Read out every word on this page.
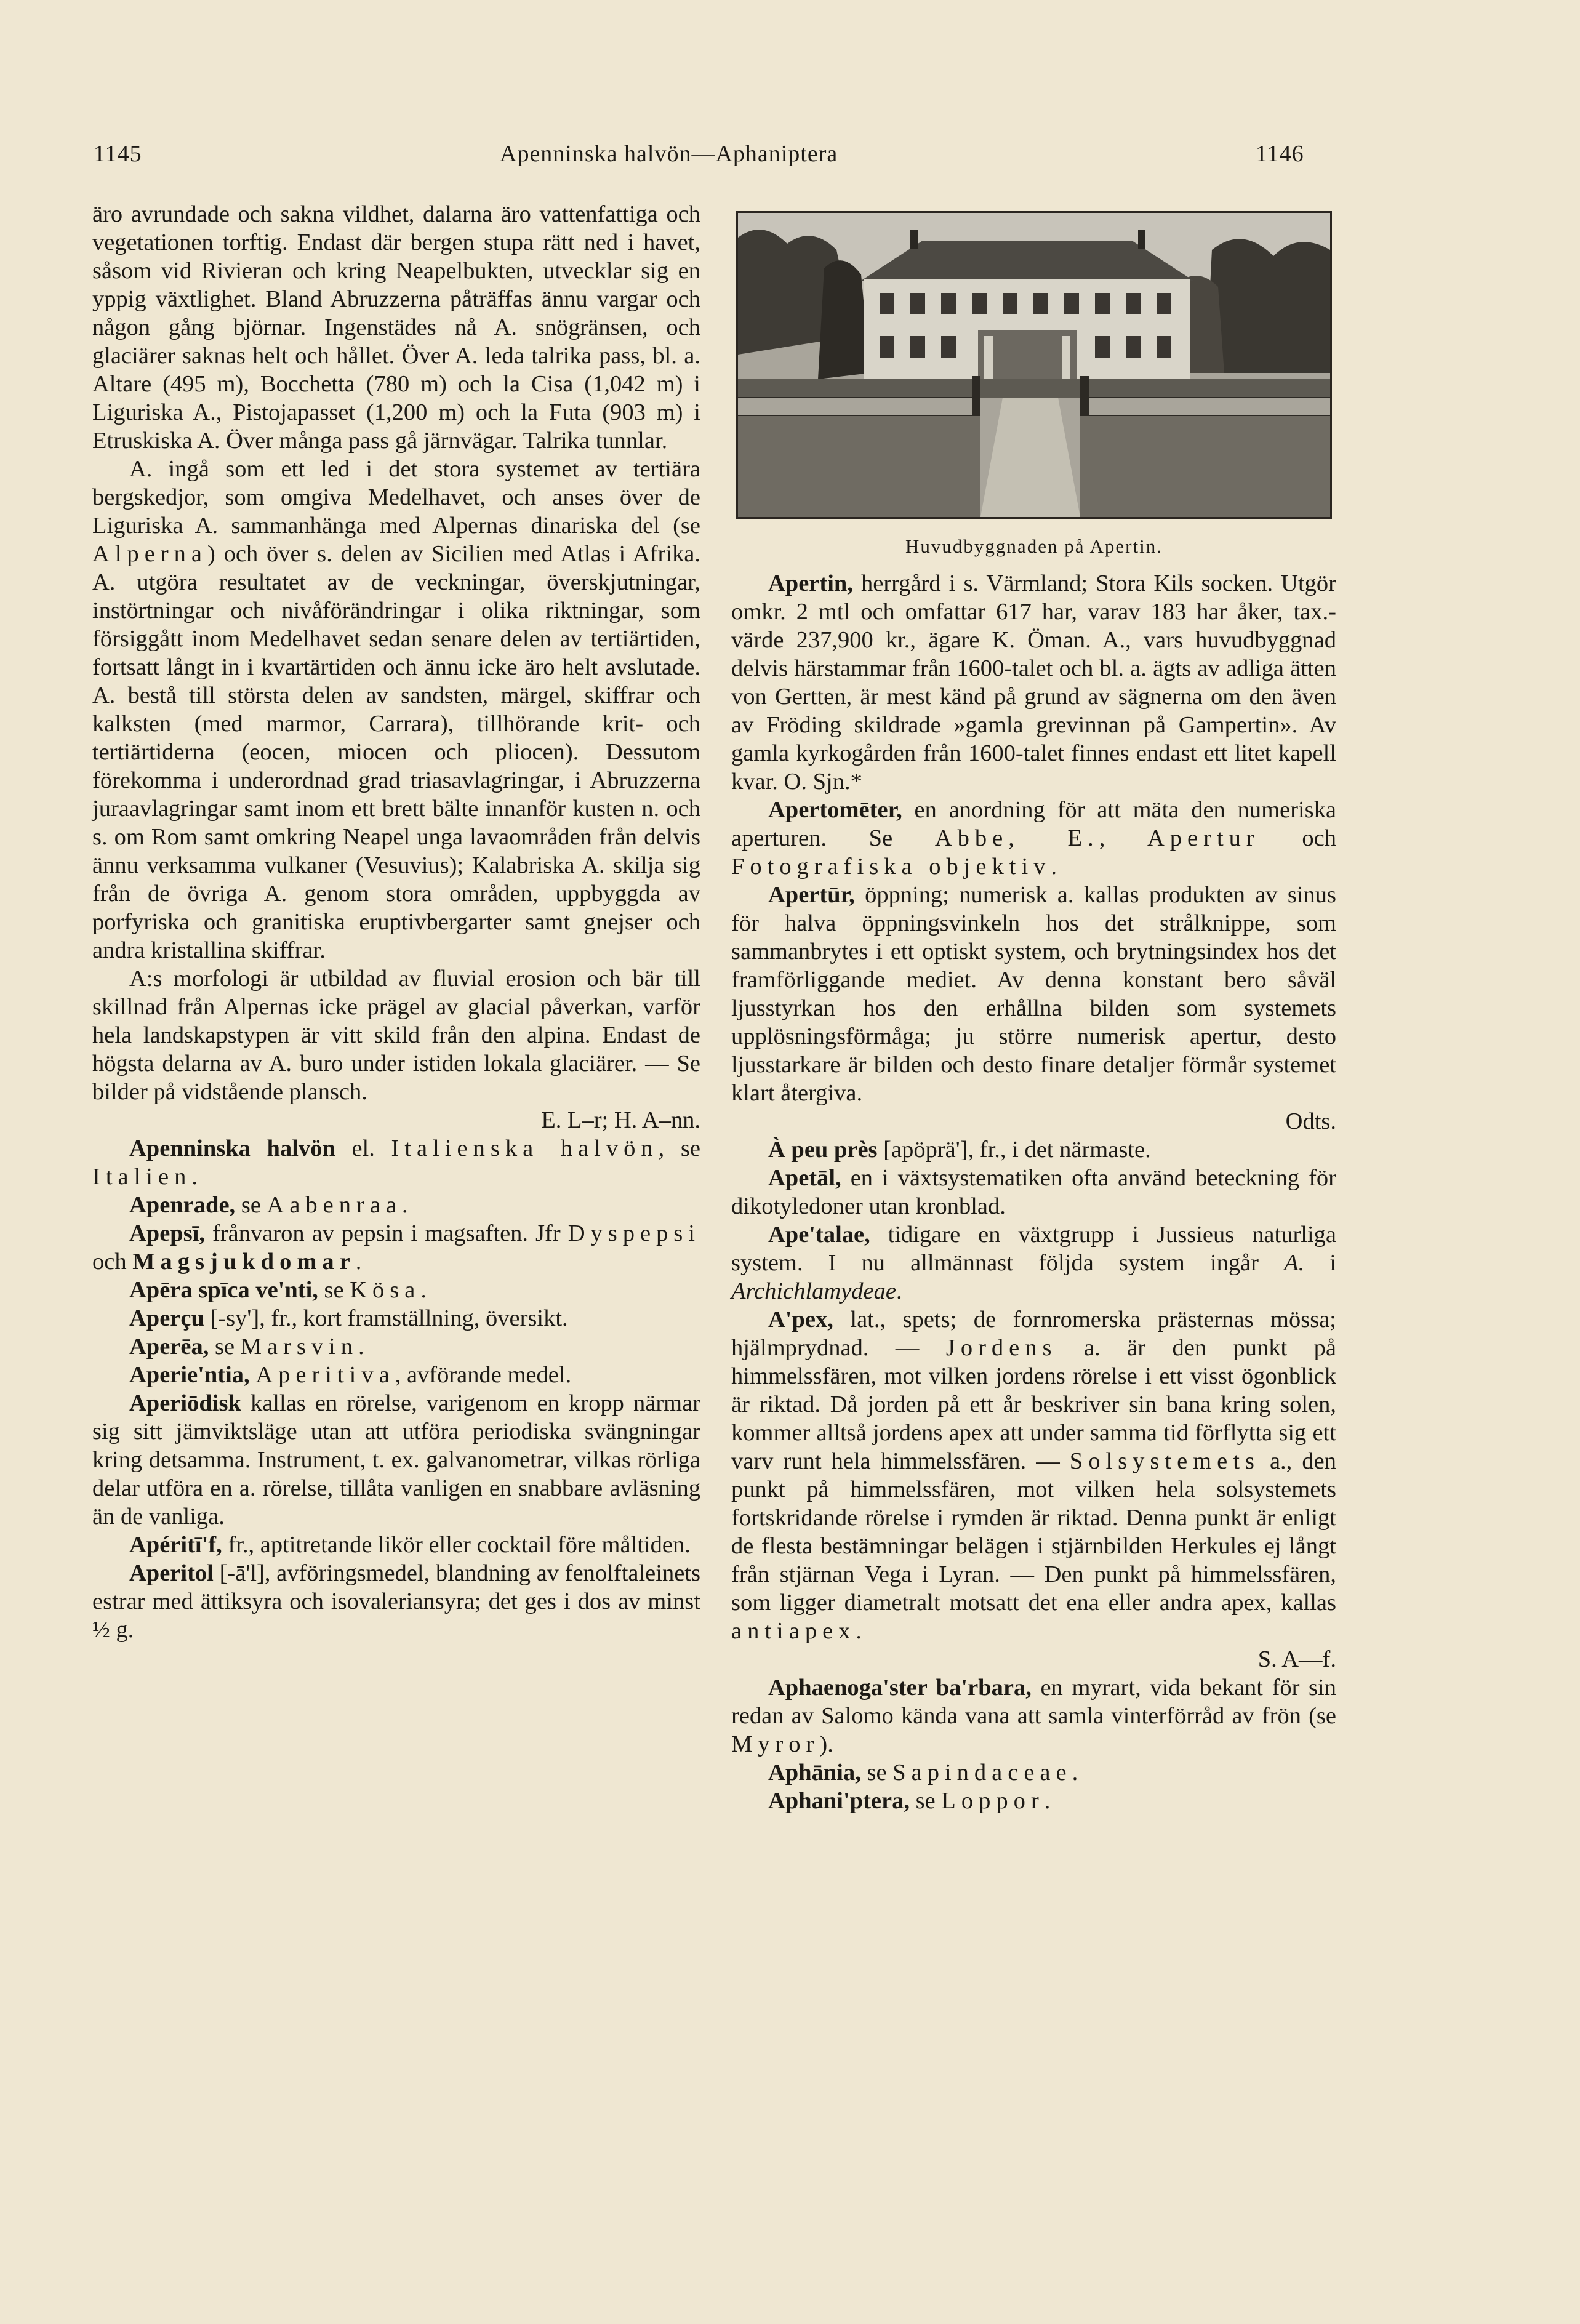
1145	Apenninska halvön—Aphaniptera	1146

äro avrundade och sakna vildhet, dalarna äro vattenfattiga och vegetationen torftig. Endast där bergen stupa rätt ned i havet, såsom vid Rivieran och kring Neapelbukten, utvecklar sig en yppig växtlighet. Bland Abruzzerna påträffas ännu vargar och någon gång björnar. Ingenstädes nå A. snögränsen, och glaciärer saknas helt och hållet. Över A. leda talrika pass, bl. a. Altare (495 m), Bocchetta (780 m) och la Cisa (1,042 m) i Liguriska A., Pistojapasset (1,200 m) och la Futa (903 m) i Etruskiska A. Över många pass gå järnvägar. Talrika tunnlar.

A. ingå som ett led i det stora systemet av tertiära bergskedjor, som omgiva Medelhavet, och anses över de Liguriska A. sammanhänga med Alpernas dinariska del (se Alperna) och över s. delen av Sicilien med Atlas i Afrika. A. utgöra resultatet av de veckningar, överskjutningar, instörtningar och nivåförändringar i olika riktningar, som försiggått inom Medelhavet sedan senare delen av tertiärtiden, fortsatt långt in i kvartärtiden och ännu icke äro helt avslutade. A. bestå till största delen av sandsten, märgel, skiffrar och kalksten (med marmor, Carrara), tillhörande krit- och tertiärtiderna (eocen, miocen och pliocen). Dessutom förekomma i underordnad grad triasavlagringar, i Abruzzerna juraavlagringar samt inom ett brett bälte innanför kusten n. och s. om Rom samt omkring Neapel unga lavaområden från delvis ännu verksamma vulkaner (Vesuvius); Kalabriska A. skilja sig från de övriga A. genom stora områden, uppbyggda av porfyriska och granitiska eruptivbergarter samt gnejser och andra kristallina skiffrar.

A:s morfologi är utbildad av fluvial erosion och bär till skillnad från Alpernas icke prägel av glacial påverkan, varför hela landskapstypen är vitt skild från den alpina. Endast de högsta delarna av A. buro under istiden lokala glaciärer. — Se bilder på vidstående plansch.
E. L–r; H. A–nn.

Apenninska halvön el. Italienska halvön, se Italien.

Apenrade, se Aabenraa.

Apepsī, frånvaron av pepsin i magsaften. Jfr Dyspepsi och Magsjukdomar.

Apēra spīca ve'nti, se Kösa.

Aperçu [-sy'], fr., kort framställning, översikt.

Aperēa, se Marsvin.

Aperie'ntia, Aperitiva, avförande medel.

Aperiōdisk kallas en rörelse, varigenom en kropp närmar sig sitt jämviktsläge utan att utföra periodiska svängningar kring detsamma. Instrument, t. ex. galvanometrar, vilkas rörliga delar utföra en a. rörelse, tillåta vanligen en snabbare avläsning än de vanliga.

Apéritī'f, fr., aptitretande likör eller cocktail före måltiden.

Aperitol [-ā'l], avföringsmedel, blandning av fenolftaleinets estrar med ättiksyra och isovaleriansyra; det ges i dos av minst ½ g.

Huvudbyggnaden på Apertin.

Apertin, herrgård i s. Värmland; Stora Kils socken. Utgör omkr. 2 mtl och omfattar 617 har, varav 183 har åker, tax.-värde 237,900 kr., ägare K. Öman. A., vars huvudbyggnad delvis härstammar från 1600-talet och bl. a. ägts av adliga ätten von Gertten, är mest känd på grund av sägnerna om den även av Fröding skildrade »gamla grevinnan på Gampertin». Av gamla kyrkogården från 1600-talet finnes endast ett litet kapell kvar. O. Sjn.*

Apertomēter, en anordning för att mäta den numeriska aperturen. Se Abbe, E., Apertur och Fotografiska objektiv.

Apertūr, öppning; numerisk a. kallas produkten av sinus för halva öppningsvinkeln hos det strålknippe, som sammanbrytes i ett optiskt system, och brytningsindex hos det framförliggande mediet. Av denna konstant bero såväl ljusstyrkan hos den erhållna bilden som systemets upplösningsförmåga; ju större numerisk apertur, desto ljusstarkare är bilden och desto finare detaljer förmår systemet klart återgiva.
Odts.

À peu près [apöprä'], fr., i det närmaste.

Apetāl, en i växtsystematiken ofta använd beteckning för dikotyledoner utan kronblad.

Ape'talae, tidigare en växtgrupp i Jussieus naturliga system. I nu allmännast följda system ingår A. i Archichlamydeae.

A'pex, lat., spets; de fornromerska prästernas mössa; hjälmprydnad. — Jordens a. är den punkt på himmelssfären, mot vilken jordens rörelse i ett visst ögonblick är riktad. Då jorden på ett år beskriver sin bana kring solen, kommer alltså jordens apex att under samma tid förflytta sig ett varv runt hela himmelssfären. — Solsystemets a., den punkt på himmelssfären, mot vilken hela solsystemets fortskridande rörelse i rymden är riktad. Denna punkt är enligt de flesta bestämningar belägen i stjärnbilden Herkules ej långt från stjärnan Vega i Lyran. — Den punkt på himmelssfären, som ligger diametralt motsatt det ena eller andra apex, kallas antiapex.
S. A—f.

Aphaenoga'ster ba'rbara, en myrart, vida bekant för sin redan av Salomo kända vana att samla vinterförråd av frön (se Myror).

Aphānia, se Sapindaceae.

Aphani'ptera, se Loppor.
